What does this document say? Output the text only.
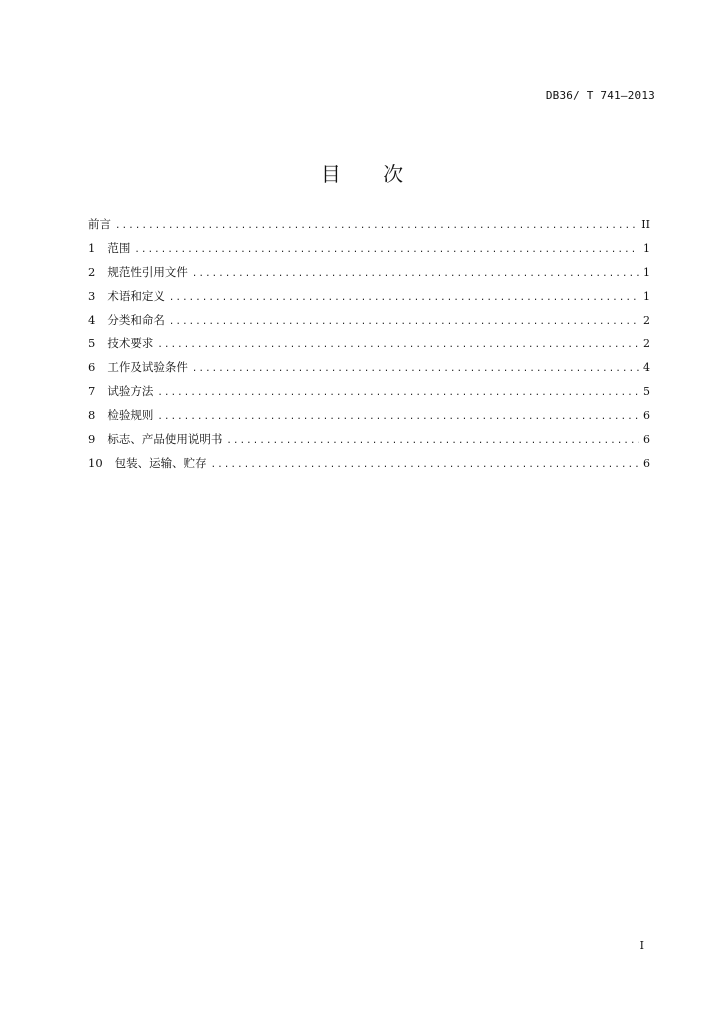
DB36/ T 741—2013
目 次
前言 .....	II
1 范围 .....	1
2 规范性引用文件 .....	1
3 术语和定义 .....	1
4 分类和命名 .....	2
5 技术要求 .....	2
6 工作及试验条件 .....	4
7 试验方法 .....	5
8 检验规则 .....	6
9 标志、产品使用说明书 .....	6
10 包装、运输、贮存 .....	6
I
